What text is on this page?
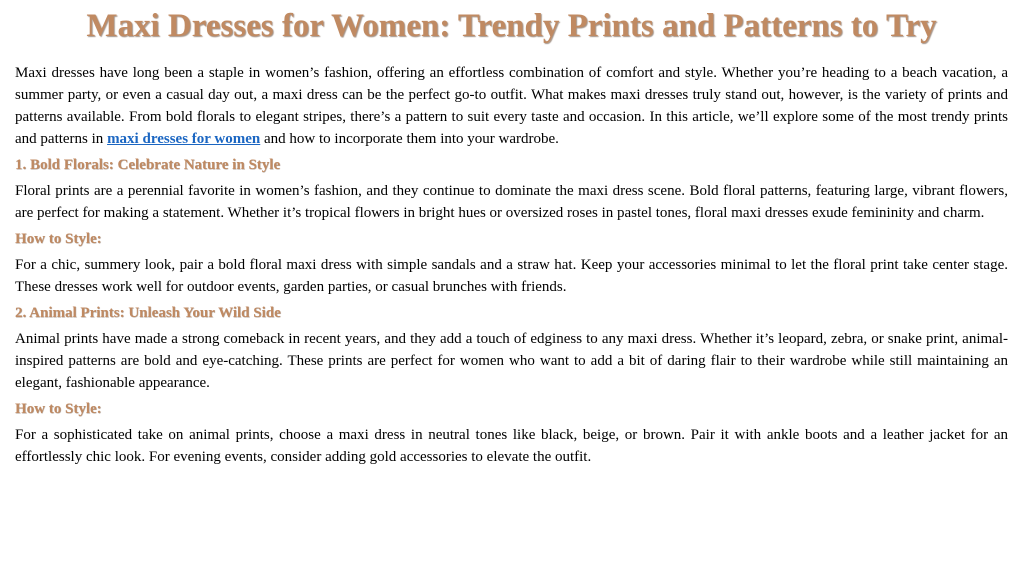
Maxi Dresses for Women: Trendy Prints and Patterns to Try

Maxi dresses have long been a staple in women’s fashion, offering an effortless combination of comfort and style. Whether you’re heading to a beach vacation, a summer party, or even a casual day out, a maxi dress can be the perfect go-to outfit. What makes maxi dresses truly stand out, however, is the variety of prints and patterns available. From bold florals to elegant stripes, there’s a pattern to suit every taste and occasion. In this article, we’ll explore some of the most trendy prints and patterns in maxi dresses for women and how to incorporate them into your wardrobe.

1. Bold Florals: Celebrate Nature in Style

Floral prints are a perennial favorite in women’s fashion, and they continue to dominate the maxi dress scene. Bold floral patterns, featuring large, vibrant flowers, are perfect for making a statement. Whether it’s tropical flowers in bright hues or oversized roses in pastel tones, floral maxi dresses exude femininity and charm.

How to Style:

For a chic, summery look, pair a bold floral maxi dress with simple sandals and a straw hat. Keep your accessories minimal to let the floral print take center stage. These dresses work well for outdoor events, garden parties, or casual brunches with friends.

2. Animal Prints: Unleash Your Wild Side

Animal prints have made a strong comeback in recent years, and they add a touch of edginess to any maxi dress. Whether it’s leopard, zebra, or snake print, animal-inspired patterns are bold and eye-catching. These prints are perfect for women who want to add a bit of daring flair to their wardrobe while still maintaining an elegant, fashionable appearance.

How to Style:

For a sophisticated take on animal prints, choose a maxi dress in neutral tones like black, beige, or brown. Pair it with ankle boots and a leather jacket for an effortlessly chic look. For evening events, consider adding gold accessories to elevate the outfit.
